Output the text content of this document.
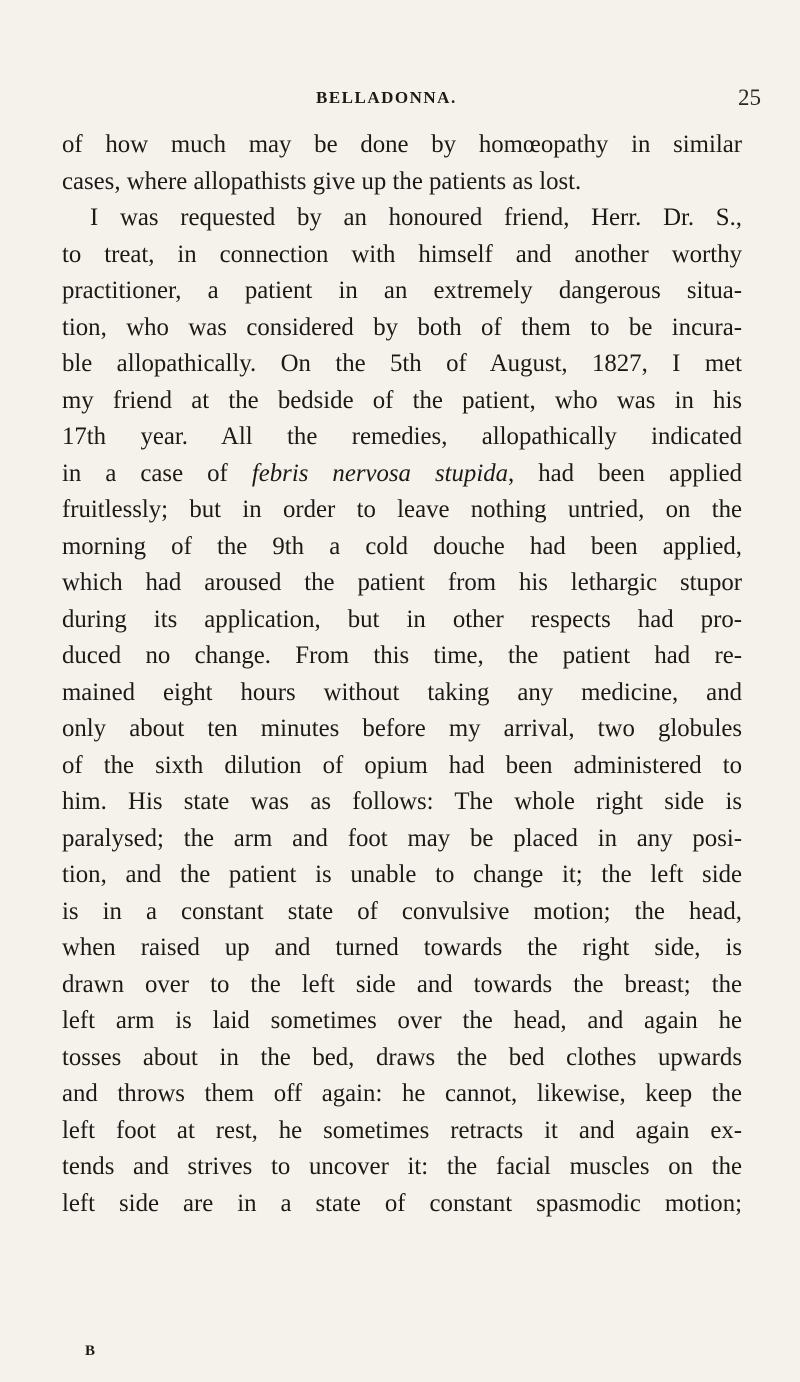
BELLADONNA.	25
of how much may be done by homœopathy in similar
cases, where allopathists give up the patients as lost.
I was requested by an honoured friend, Herr. Dr. S.,
to treat, in connection with himself and another worthy
practitioner, a patient in an extremely dangerous situa-
tion, who was considered by both of them to be incura-
ble allopathically. On the 5th of August, 1827, I met
my friend at the bedside of the patient, who was in his
17th year. All the remedies, allopathically indicated
in a case of febris nervosa stupida, had been applied
fruitlessly; but in order to leave nothing untried, on the
morning of the 9th a cold douche had been applied,
which had aroused the patient from his lethargic stupor
during its application, but in other respects had pro-
duced no change. From this time, the patient had re-
mained eight hours without taking any medicine, and
only about ten minutes before my arrival, two globules
of the sixth dilution of opium had been administered to
him. His state was as follows: The whole right side is
paralysed; the arm and foot may be placed in any posi-
tion, and the patient is unable to change it; the left side
is in a constant state of convulsive motion; the head,
when raised up and turned towards the right side, is
drawn over to the left side and towards the breast; the
left arm is laid sometimes over the head, and again he
tosses about in the bed, draws the bed clothes upwards
and throws them off again: he cannot, likewise, keep the
left foot at rest, he sometimes retracts it and again ex-
tends and strives to uncover it: the facial muscles on the
left side are in a state of constant spasmodic motion;
B
